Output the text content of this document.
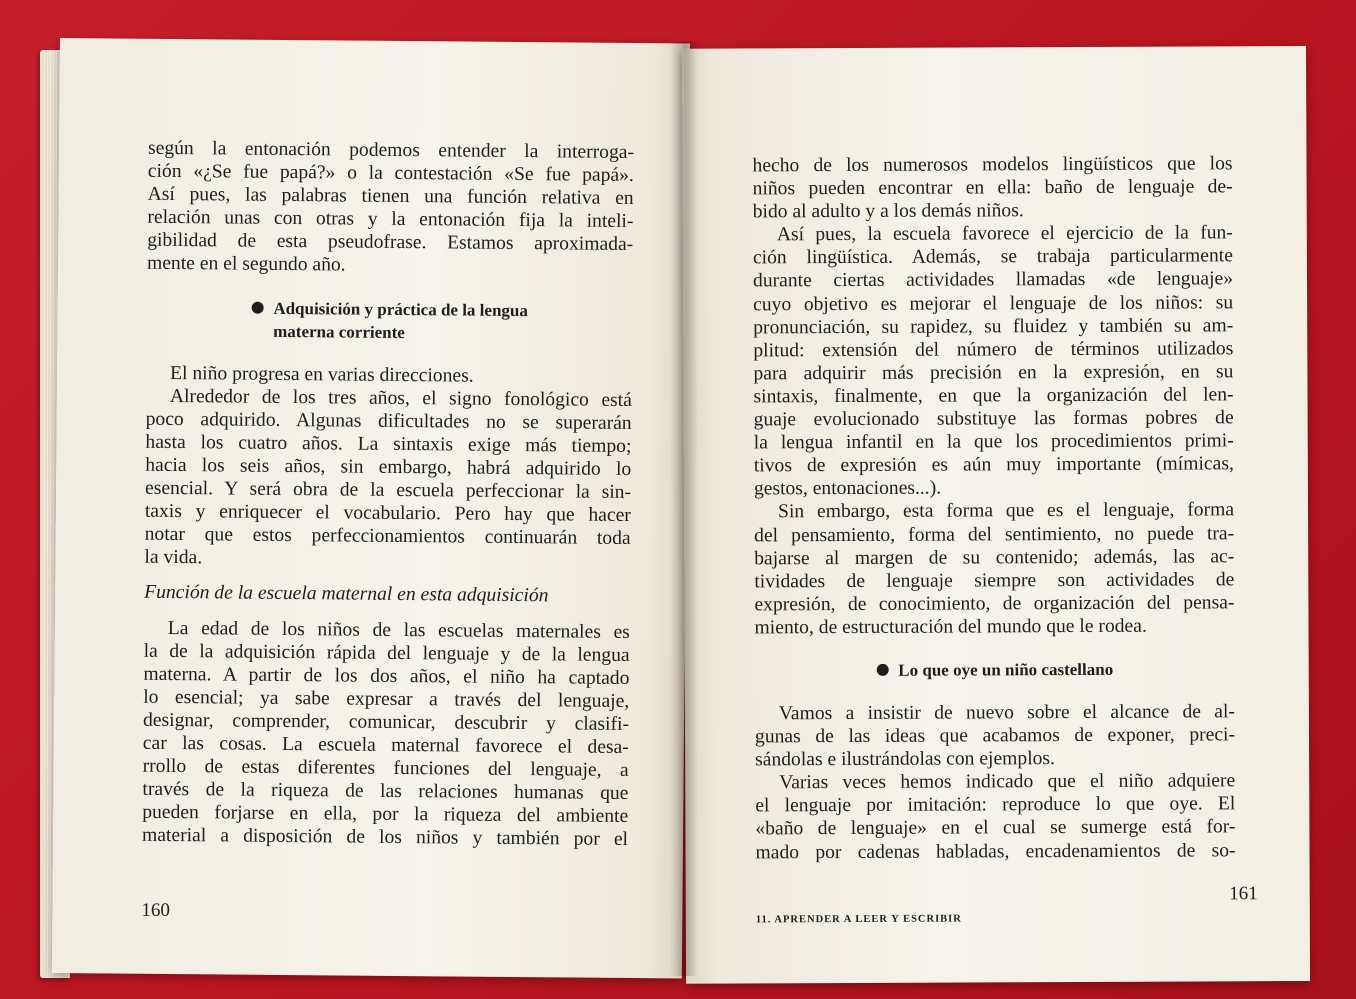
según la entonación podemos entender la interroga-
ción «¿Se fue papá?» o la contestación «Se fue papá».
Así pues, las palabras tienen una función relativa en
relación unas con otras y la entonación fija la inteli-
gibilidad de esta pseudofrase. Estamos aproximada-
mente en el segundo año.
Adquisición y práctica de la lengua
materna corriente
El niño progresa en varias direcciones.
Alrededor de los tres años, el signo fonológico está
poco adquirido. Algunas dificultades no se superarán
hasta los cuatro años. La sintaxis exige más tiempo;
hacia los seis años, sin embargo, habrá adquirido lo
esencial. Y será obra de la escuela perfeccionar la sin-
taxis y enriquecer el vocabulario. Pero hay que hacer
notar que estos perfeccionamientos continuarán toda
la vida.
Función de la escuela maternal en esta adquisición
La edad de los niños de las escuelas maternales es
la de la adquisición rápida del lenguaje y de la lengua
materna. A partir de los dos años, el niño ha captado
lo esencial; ya sabe expresar a través del lenguaje,
designar, comprender, comunicar, descubrir y clasifi-
car las cosas. La escuela maternal favorece el desa-
rrollo de estas diferentes funciones del lenguaje, a
través de la riqueza de las relaciones humanas que
pueden forjarse en ella, por la riqueza del ambiente
material a disposición de los niños y también por el
160
hecho de los numerosos modelos lingüísticos que los
niños pueden encontrar en ella: baño de lenguaje de-
bido al adulto y a los demás niños.
Así pues, la escuela favorece el ejercicio de la fun-
ción lingüística. Además, se trabaja particularmente
durante ciertas actividades llamadas «de lenguaje»
cuyo objetivo es mejorar el lenguaje de los niños: su
pronunciación, su rapidez, su fluidez y también su am-
plitud: extensión del número de términos utilizados
para adquirir más precisión en la expresión, en su
sintaxis, finalmente, en que la organización del len-
guaje evolucionado substituye las formas pobres de
la lengua infantil en la que los procedimientos primi-
tivos de expresión es aún muy importante (mímicas,
gestos, entonaciones...).
Sin embargo, esta forma que es el lenguaje, forma
del pensamiento, forma del sentimiento, no puede tra-
bajarse al margen de su contenido; además, las ac-
tividades de lenguaje siempre son actividades de
expresión, de conocimiento, de organización del pensa-
miento, de estructuración del mundo que le rodea.
Lo que oye un niño castellano
Vamos a insistir de nuevo sobre el alcance de al-
gunas de las ideas que acabamos de exponer, preci-
sándolas e ilustrándolas con ejemplos.
Varias veces hemos indicado que el niño adquiere
el lenguaje por imitación: reproduce lo que oye. El
«baño de lenguaje» en el cual se sumerge está for-
mado por cadenas habladas, encadenamientos de so-
161
11. APRENDER A LEER Y ESCRIBIR
